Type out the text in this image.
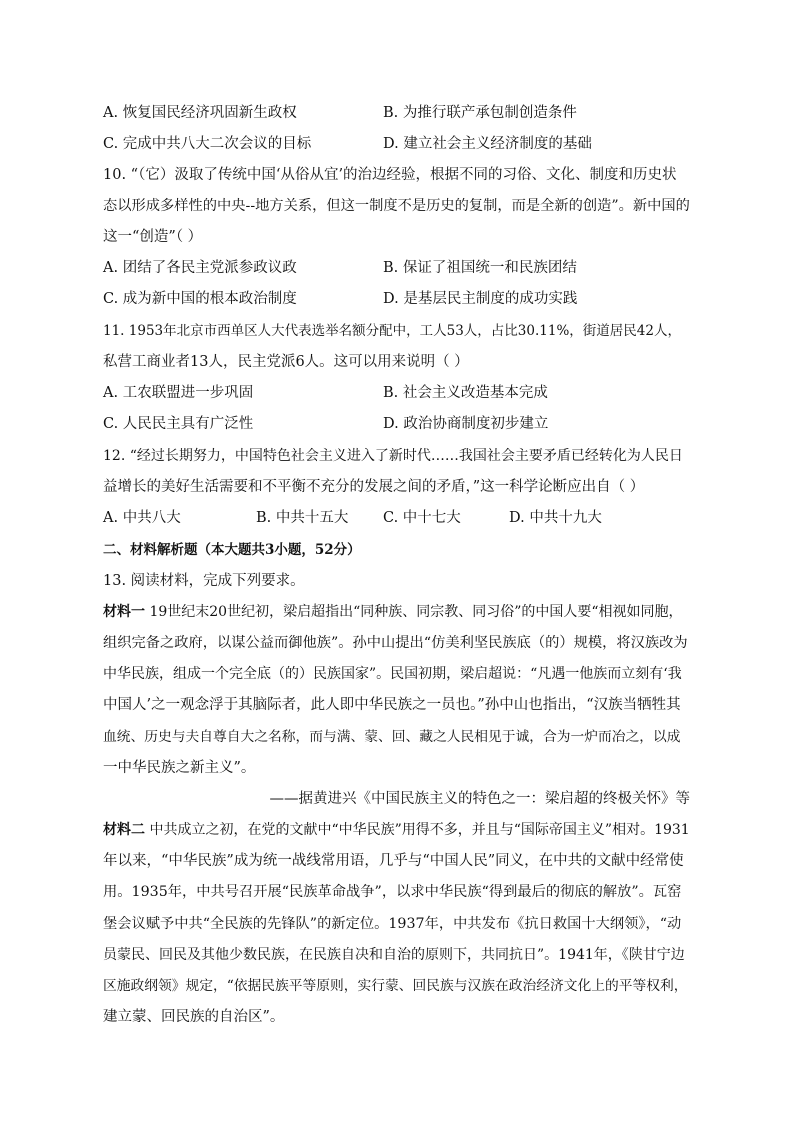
A. 恢复国民经济巩固新生政权	B. 为推行联产承包制创造条件
C. 完成中共八大二次会议的目标	D. 建立社会主义经济制度的基础
10. “（它）汲取了传统中国‘从俗从宜’的治边经验，根据不同的习俗、文化、制度和历史状
态以形成多样性的中央--地方关系，但这一制度不是历史的复制，而是全新的创造”。新中国的
这一“创造”（ ）
A. 团结了各民主党派参政议政	B. 保证了祖国统一和民族团结
C. 成为新中国的根本政治制度	D. 是基层民主制度的成功实践
11. 1953年北京市西单区人大代表选举名额分配中，工人53人，占比30.11%，街道居民42人，
私营工商业者13人，民主党派6人。这可以用来说明（ ）
A. 工农联盟进一步巩固	B. 社会主义改造基本完成
C. 人民民主具有广泛性	D. 政治协商制度初步建立
12. “经过长期努力，中国特色社会主义进入了新时代……我国社会主要矛盾已经转化为人民日
益增长的美好生活需要和不平衡不充分的发展之间的矛盾，”这一科学论断应出自（ ）
A. 中共八大	B. 中共十五大 C. 中十七大	D. 中共十九大
二、材料解析题（本大题共3小题，52分）
13. 阅读材料，完成下列要求。
材料一 19世纪末20世纪初，梁启超指出“同种族、同宗教、同习俗”的中国人要“相视如同胞，
组织完备之政府，以谋公益而御他族”。孙中山提出“仿美利坚民族底（的）规模，将汉族改为
中华民族，组成一个完全底（的）民族国家”。民国初期，梁启超说：“凡遇一他族而立刻有‘我
中国人’之一观念浮于其脑际者，此人即中华民族之一员也。”孙中山也指出，“汉族当牺牲其
血统、历史与夫自尊自大之名称，而与满、蒙、回、藏之人民相见于诚，合为一炉而冶之，以成
一中华民族之新主义”。
——据黄进兴《中国民族主义的特色之一：梁启超的终极关怀》等
材料二 中共成立之初，在党的文献中“中华民族”用得不多，并且与“国际帝国主义”相对。1931
年以来，“中华民族”成为统一战线常用语，几乎与“中国人民”同义，在中共的文献中经常使
用。1935年，中共号召开展“民族革命战争”，以求中华民族“得到最后的彻底的解放”。瓦窑
堡会议赋予中共“全民族的先锋队”的新定位。1937年，中共发布《抗日救国十大纲领》，“动
员蒙民、回民及其他少数民族，在民族自决和自治的原则下，共同抗日”。1941年，《陕甘宁边
区施政纲领》规定，“依据民族平等原则，实行蒙、回民族与汉族在政治经济文化上的平等权利，
建立蒙、回民族的自治区”。
